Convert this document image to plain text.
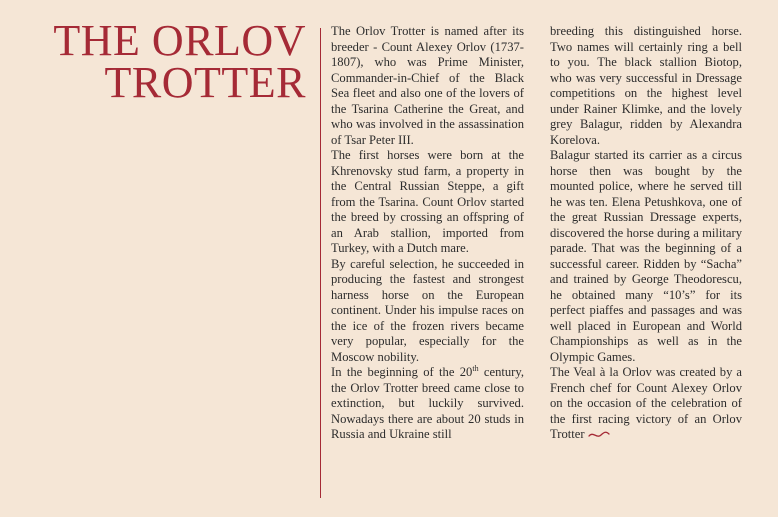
THE ORLOV
TROTTER

The Orlov Trotter is named after its breeder - Count Alexey Orlov (1737-1807), who was Prime Minister, Commander-in-Chief of the Black Sea fleet and also one of the lovers of the Tsarina Catherine the Great, and who was involved in the assassination of Tsar Peter III.

The first horses were born at the Khrenovsky stud farm, a property in the Central Russian Steppe, a gift from the Tsarina. Count Orlov started the breed by crossing an offspring of an Arab stallion, imported from Turkey, with a Dutch mare.

By careful selection, he succeeded in producing the fastest and strongest harness horse on the European continent. Under his impulse races on the ice of the frozen rivers became very popular, especially for the Moscow nobility.

In the beginning of the 20th century, the Orlov Trotter breed came close to extinction, but luckily survived. Nowadays there are about 20 studs in Russia and Ukraine still

breeding this distinguished horse. Two names will certainly ring a bell to you. The black stallion Biotop, who was very successful in Dressage competitions on the highest level under Rainer Klimke, and the lovely grey Balagur, ridden by Alexandra Korelova.

Balagur started its carrier as a circus horse then was bought by the mounted police, where he served till he was ten. Elena Petushkova, one of the great Russian Dressage experts, discovered the horse during a military parade. That was the beginning of a successful career. Ridden by “Sacha” and trained by George Theodorescu, he obtained many “10’s” for its perfect piaffes and passages and was well placed in European and World Championships as well as in the Olympic Games.

The Veal à la Orlov was created by a French chef for Count Alexey Orlov on the occasion of the celebration of the first racing victory of an Orlov Trotter
